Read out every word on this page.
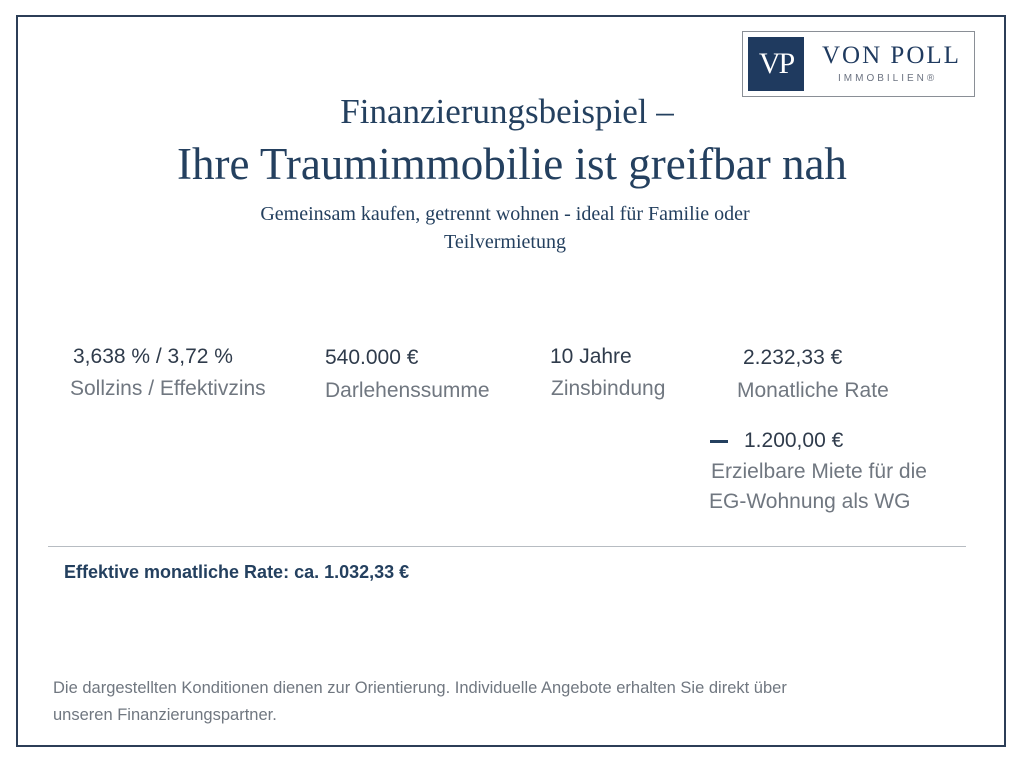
VP	VON POLL
IMMOBILIEN®
Finanzierungsbeispiel –
Ihre Traumimmobilie ist greifbar nah
Gemeinsam kaufen, getrennt wohnen - ideal für Familie oder
Teilvermietung
3,638 % / 3,72 %
Sollzins / Effektivzins
540.000 €
Darlehenssumme
10 Jahre
Zinsbindung
2.232,33 €
Monatliche Rate
1.200,00 €
Erzielbare Miete für die
EG-Wohnung als WG
Effektive monatliche Rate: ca. 1.032,33 €
Die dargestellten Konditionen dienen zur Orientierung. Individuelle Angebote erhalten Sie direkt über
unseren Finanzierungspartner.
